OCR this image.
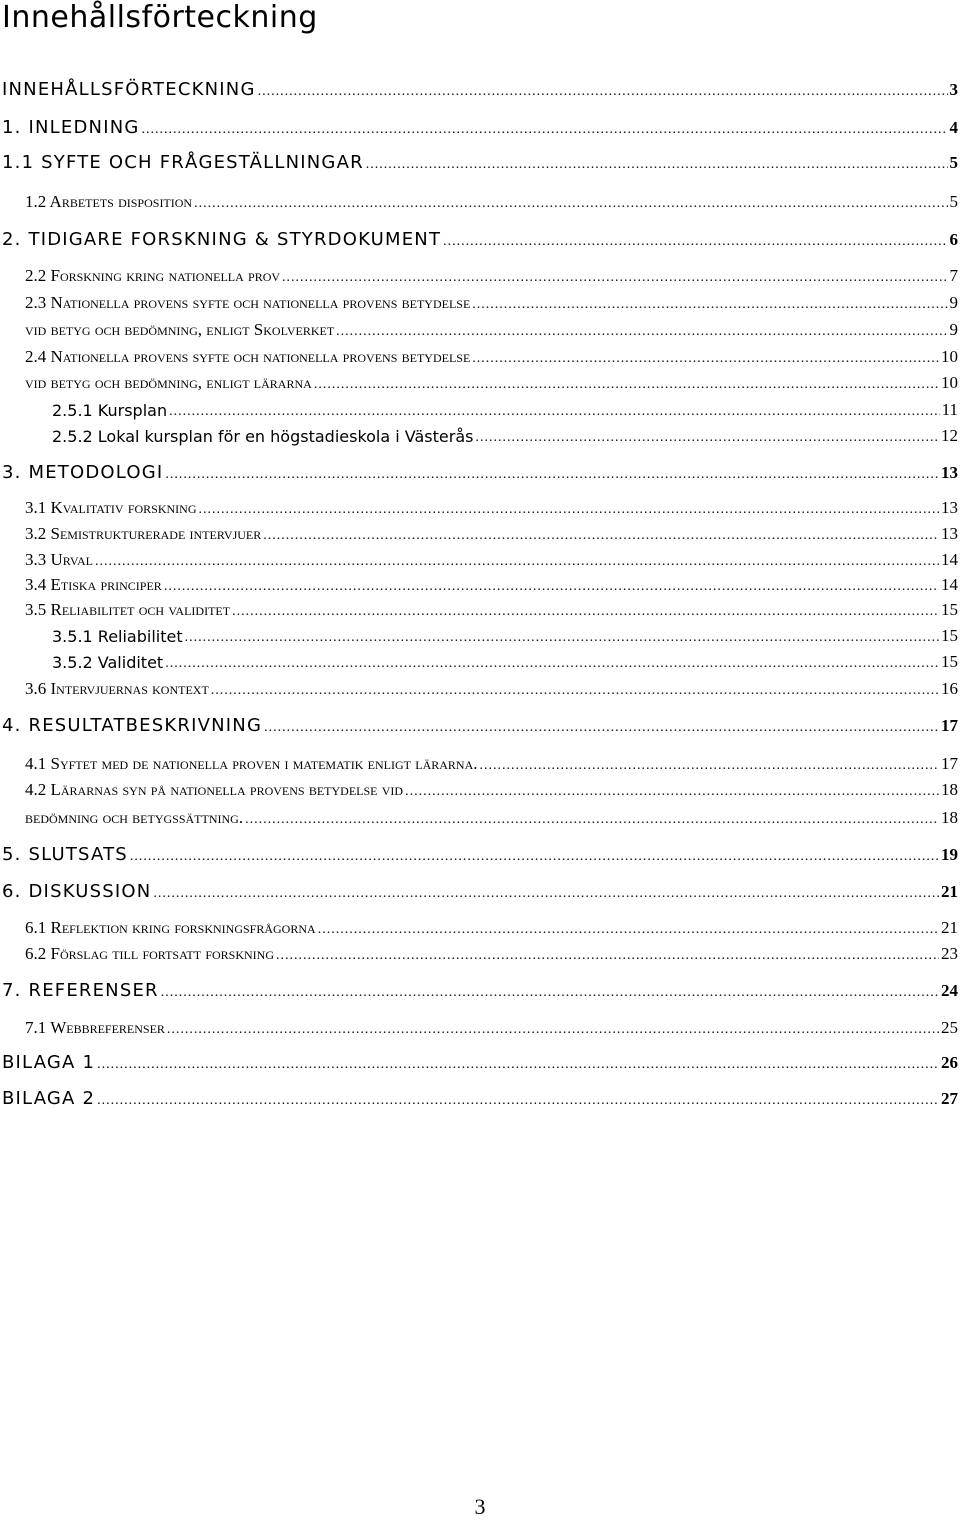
Innehållsförteckning
INNEHÅLLSFÖRTECKNING .....	3
1. INLEDNING .....	4
1.1 SYFTE OCH FRÅGESTÄLLNINGAR .....	5
1.2 Arbetets disposition .....	5
2. TIDIGARE FORSKNING & STYRDOKUMENT .....	6
2.2 Forskning kring nationella prov .....	7
2.3 Nationella provens syfte och nationella provens betydelse .....	9
vid betyg och bedömning, enligt Skolverket .....	9
2.4 Nationella provens syfte och nationella provens betydelse .....	10
vid betyg och bedömning, enligt lärarna .....	10
2.5.1 Kursplan .....	11
2.5.2 Lokal kursplan för en högstadieskola i Västerås .....	12
3. METODOLOGI .....	13
3.1 Kvalitativ forskning .....	13
3.2 Semistrukturerade intervjuer .....	13
3.3 Urval .....	14
3.4 Etiska principer .....	14
3.5 Reliabilitet och validitet .....	15
3.5.1 Reliabilitet .....	15
3.5.2 Validitet .....	15
3.6 Intervjuernas kontext .....	16
4. RESULTATBESKRIVNING .....	17
4.1 Syftet med de nationella proven i matematik enligt lärarna. .....	17
4.2 Lärarnas syn på nationella provens betydelse vid .....	18
bedömning och betygssättning. .....	18
5. SLUTSATS .....	19
6. DISKUSSION .....	21
6.1 Reflektion kring forskningsfrågorna .....	21
6.2 Förslag till fortsatt forskning .....	23
7. REFERENSER .....	24
7.1 Webbreferenser .....	25
BILAGA 1 .....	26
BILAGA 2 .....	27
3
